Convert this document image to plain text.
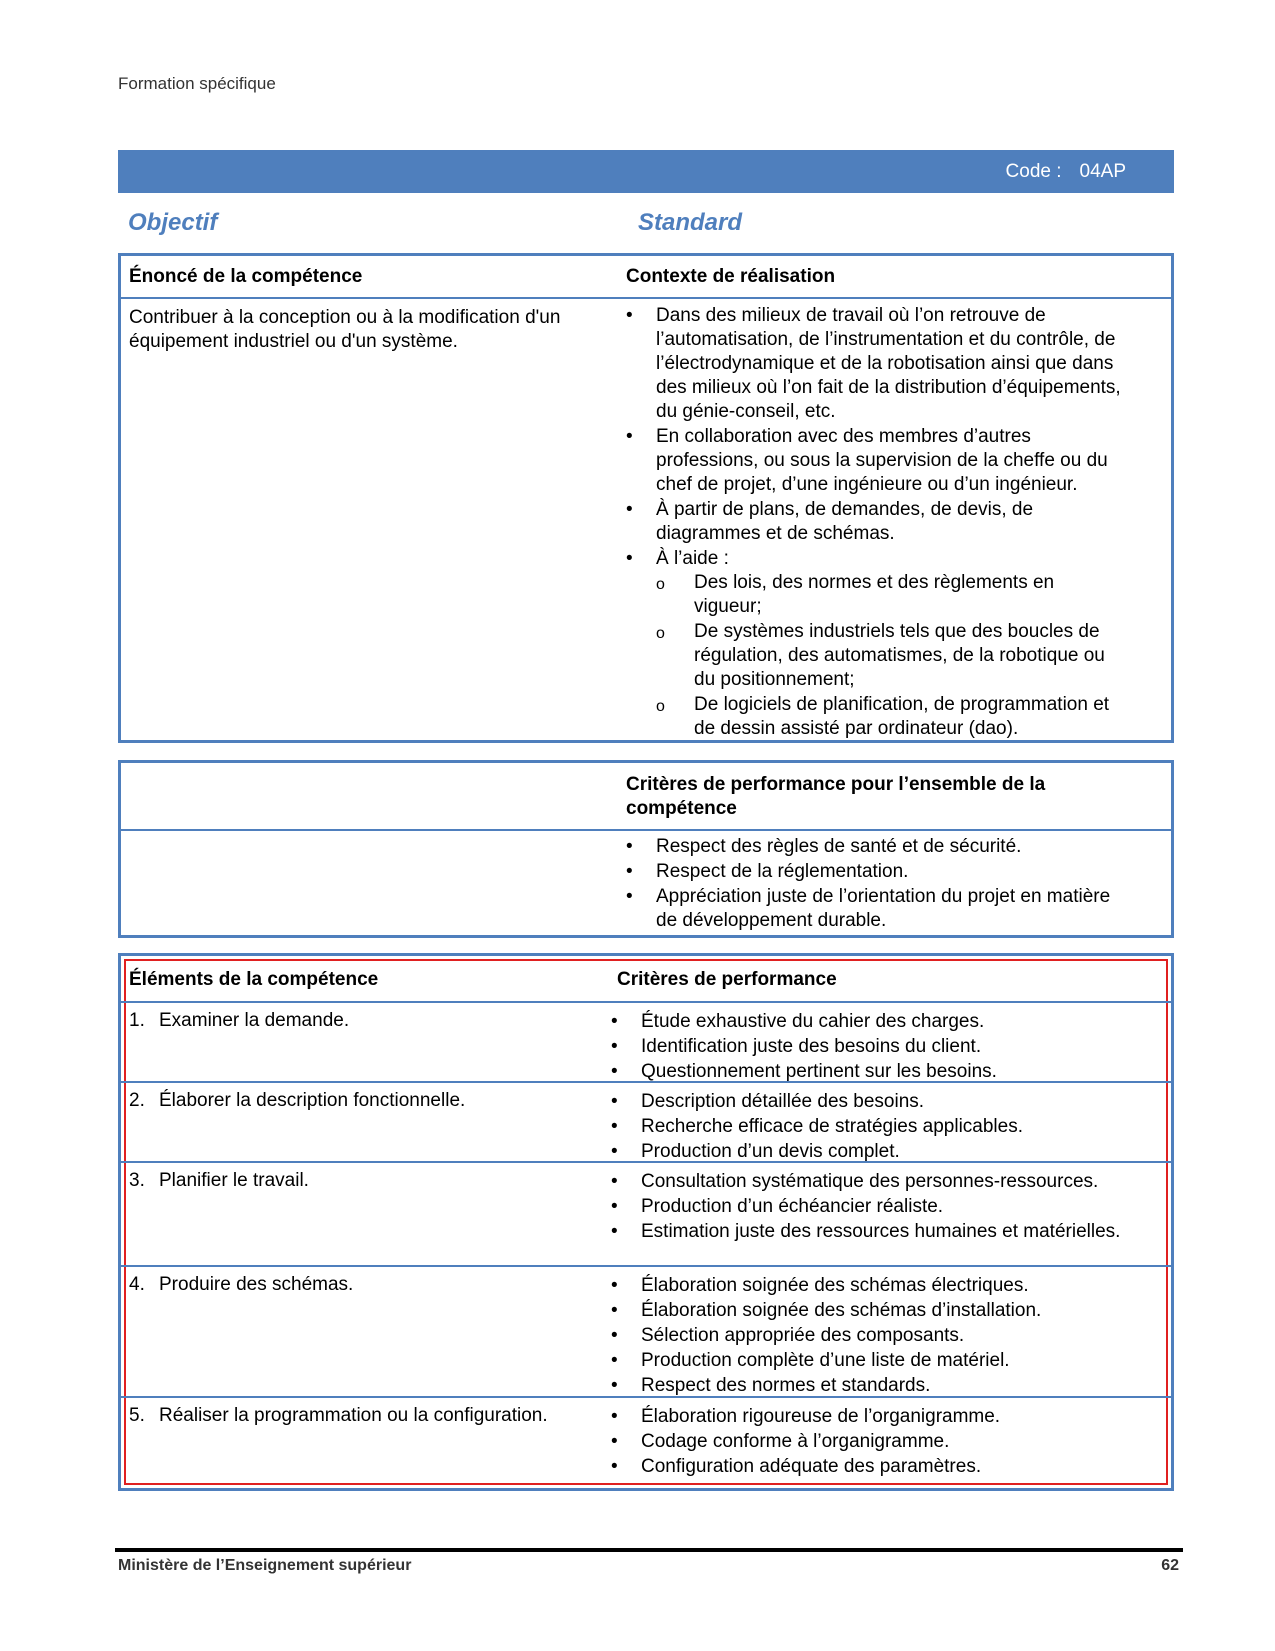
Formation spécifique
Code : 04AP
Objectif	Standard
Énoncé de la compétence	Contexte de réalisation
Contribuer à la conception ou à la modification d'un équipement industriel ou d'un système.
• Dans des milieux de travail où l’on retrouve de l’automatisation, de l’instrumentation et du contrôle, de l’électrodynamique et de la robotisation ainsi que dans des milieux où l’on fait de la distribution d’équipements, du génie-conseil, etc.
• En collaboration avec des membres d’autres professions, ou sous la supervision de la cheffe ou du chef de projet, d’une ingénieure ou d’un ingénieur.
• À partir de plans, de demandes, de devis, de diagrammes et de schémas.
• À l’aide :
o Des lois, des normes et des règlements en vigueur;
o De systèmes industriels tels que des boucles de régulation, des automatismes, de la robotique ou du positionnement;
o De logiciels de planification, de programmation et de dessin assisté par ordinateur (dao).
Critères de performance pour l’ensemble de la compétence
• Respect des règles de santé et de sécurité.
• Respect de la réglementation.
• Appréciation juste de l’orientation du projet en matière de développement durable.
Éléments de la compétence	Critères de performance
1. Examiner la demande.	• Étude exhaustive du cahier des charges.
• Identification juste des besoins du client.
• Questionnement pertinent sur les besoins.
2. Élaborer la description fonctionnelle.	• Description détaillée des besoins.
• Recherche efficace de stratégies applicables.
• Production d’un devis complet.
3. Planifier le travail.	• Consultation systématique des personnes-ressources.
• Production d’un échéancier réaliste.
• Estimation juste des ressources humaines et matérielles.
4. Produire des schémas.	• Élaboration soignée des schémas électriques.
• Élaboration soignée des schémas d’installation.
• Sélection appropriée des composants.
• Production complète d’une liste de matériel.
• Respect des normes et standards.
5. Réaliser la programmation ou la configuration.	• Élaboration rigoureuse de l’organigramme.
• Codage conforme à l’organigramme.
• Configuration adéquate des paramètres.
Ministère de l’Enseignement supérieur	62
